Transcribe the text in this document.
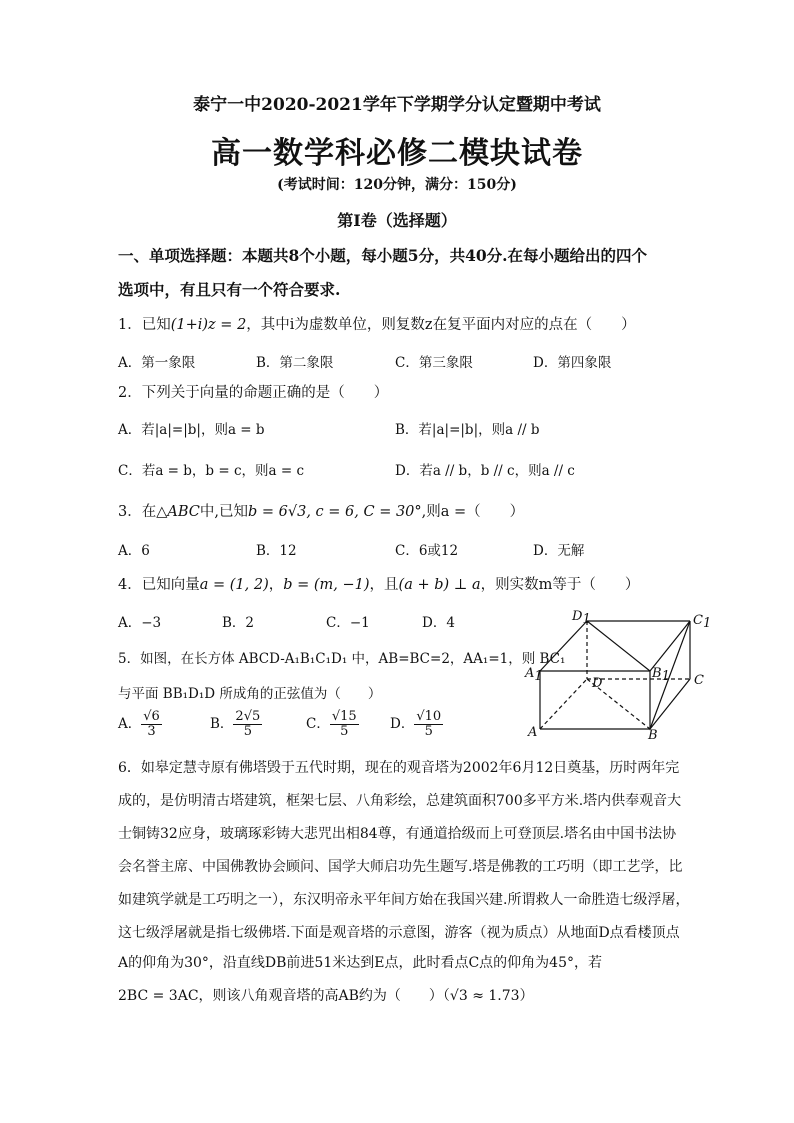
泰宁一中2020-2021学年下学期学分认定暨期中考试
高一数学科必修二模块试卷
(考试时间：120分钟，满分：150分)
第Ⅰ卷（选择题）
一、单项选择题：本题共8个小题，每小题5分，共40分.在每小题给出的四个
选项中，有且只有一个符合要求.
1．已知(1+i)z = 2，其中i为虚数单位，则复数z在复平面内对应的点在（　　）
A．第一象限	B．第二象限	C．第三象限	D．第四象限
2．下列关于向量的命题正确的是（　　）
A．若|a|=|b|，则a = b	B．若|a|=|b|，则a // b
C．若a = b，b = c，则a = c	D．若a // b，b // c，则a // c
3．在△ABC中,已知b = 6√3, c = 6, C = 30°,则a =（　　）
A．6	B．12	C．6或12	D．无解
4．已知向量a = (1, 2)，b = (m, −1)，且(a + b) ⊥ a，则实数m等于（　　）
A．−3	B．2	C．−1	D．4
5．如图，在长方体 ABCD-A₁B₁C₁D₁ 中，AB=BC=2，AA₁=1，则 BC₁
与平面 BB₁D₁D 所成角的正弦值为（　　）
A． $\frac{√6}{3}$	B． $\frac{2√5}{5}$	C． $\frac{√15}{5}$ D． $\frac{√10}{5}$
D1	C1
A1	B1
D	C
A	B
6．如皋定慧寺原有佛塔毁于五代时期，现在的观音塔为2002年6月12日奠基，历时两年完
成的，是仿明清古塔建筑，框架七层、八角彩绘，总建筑面积700多平方米.塔内供奉观音大
士铜铸32应身，玻璃琢彩铸大悲咒出相84尊，有通道拾级而上可登顶层.塔名由中国书法协
会名誉主席、中国佛教协会顾问、国学大师启功先生题写.塔是佛教的工巧明（即工艺学，比
如建筑学就是工巧明之一），东汉明帝永平年间方始在我国兴建.所谓救人一命胜造七级浮屠，
这七级浮屠就是指七级佛塔.下面是观音塔的示意图，游客（视为质点）从地面D点看楼顶点
A的仰角为30°，沿直线DB前进51米达到E点，此时看点C点的仰角为45°，若
2BC = 3AC，则该八角观音塔的高AB约为（　　）（√3 ≈ 1.73）
